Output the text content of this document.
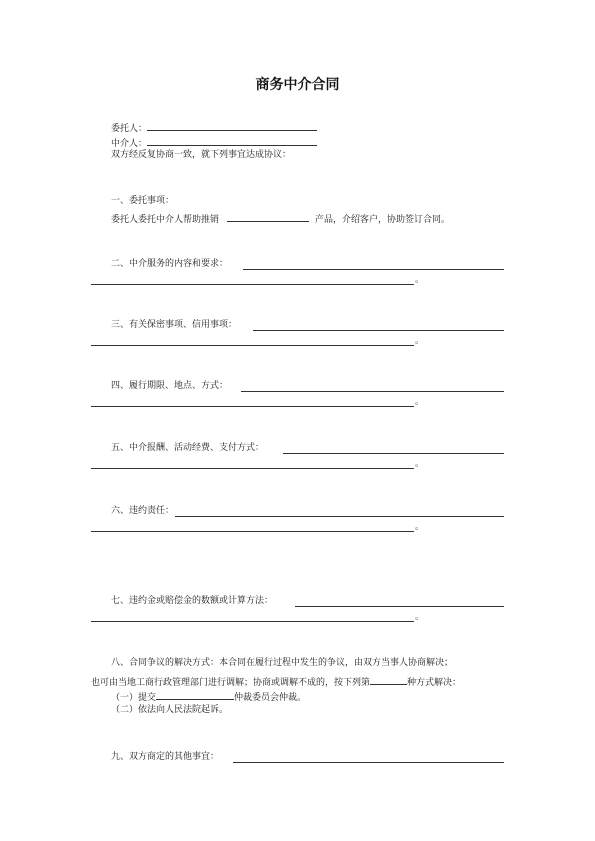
商务中介合同
委托人：
中介人：
双方经反复协商一致，就下列事宜达成协议：
一、委托事项：
委托人委托中介人帮助推销	产品，介绍客户，协助签订合同。
二、中介服务的内容和要求：
。
三、有关保密事项、信用事项：
。
四、履行期限、地点、方式：
。
五、中介报酬、活动经费、支付方式：
。
六、违约责任：
。
七、违约金或赔偿金的数额或计算方法：
。
八、合同争议的解决方式：本合同在履行过程中发生的争议，由双方当事人协商解决；
也可由当地工商行政管理部门进行调解；协商或调解不成的，按下列第	种方式解决：
（一）提交	仲裁委员会仲裁。
（二）依法向人民法院起诉。
九、双方商定的其他事宜：
